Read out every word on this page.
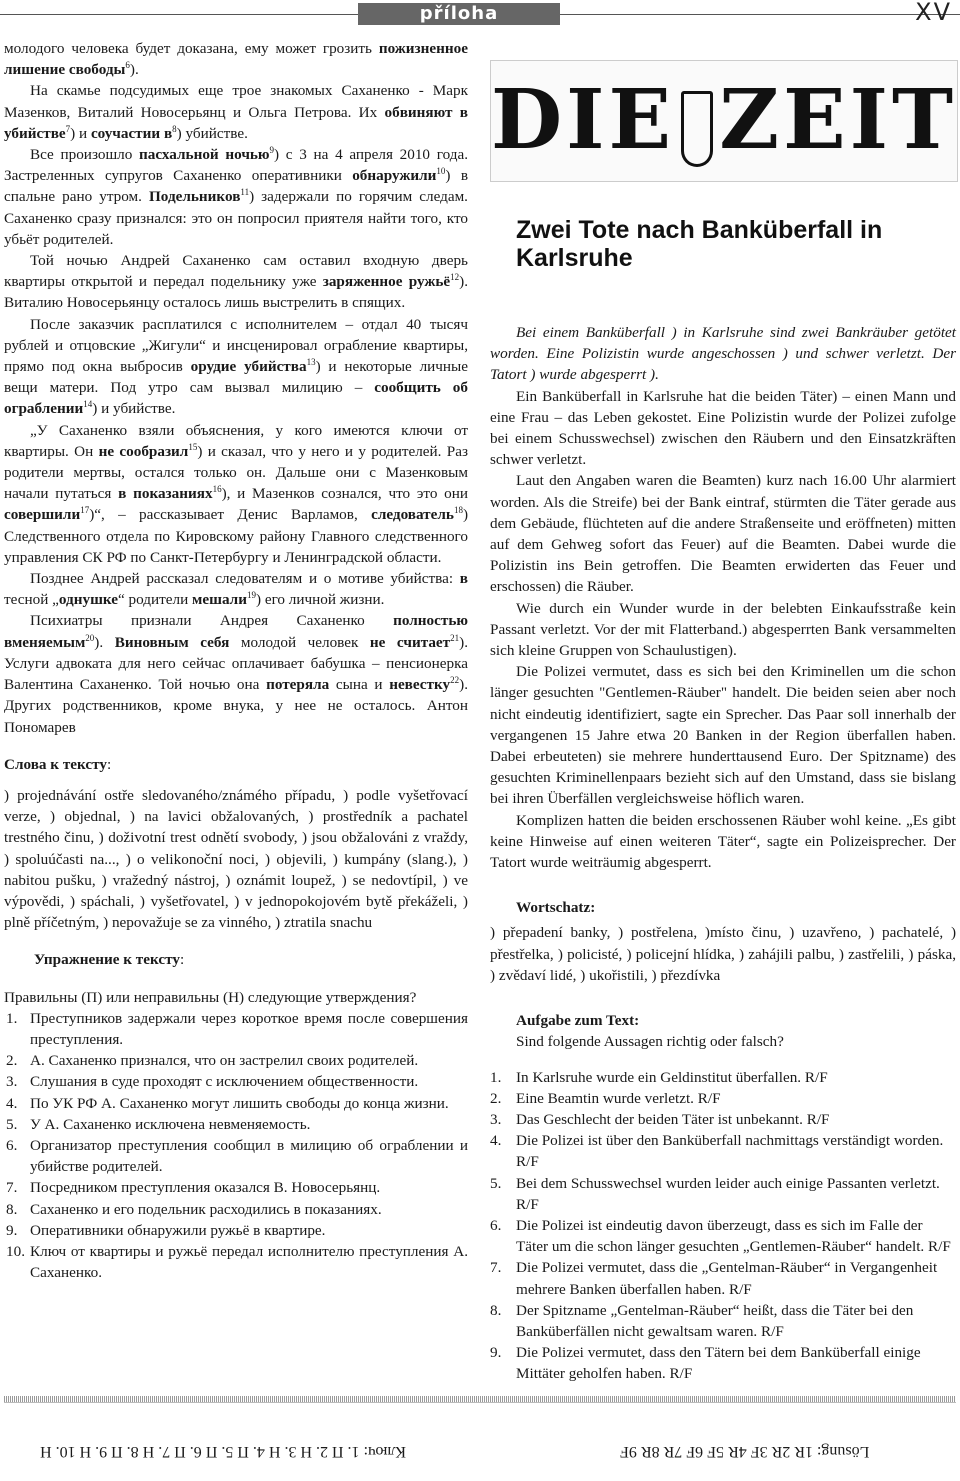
příloha	XV

молодого человека будет доказана, ему может грозить пожизненное лишение свободы$^6$).

На скамье подсудимых еще трое знакомых Саханенко - Марк Мазенков, Виталий Новосерьянц и Ольга Петрова. Их обвиняют в убийстве$^7$) и соучастии $в^8$) убийстве.

Все произошло пасхальной ночью$^9$) с 3 на 4 апреля 2010 года. Застреленных супругов Саханенко оперативники обнаружили$^{10}$) в спальне рано утром. Подельников$^{11}$) задержали по горячим следам. Саханенко сразу признался: это он попросил приятеля найти того, кто убьёт родителей.

Той ночью Андрей Саханенко сам оставил входную дверь квартиры открытой и передал подельнику уже заряженное ружьё$^{12}$). Виталию Новосерьянцу осталось лишь выстрелить в спящих.

После заказчик расплатился с исполнителем – отдал 40 тысяч рублей и отцовские „Жигули“ и инсценировал ограбление квартиры, прямо под окна выбросив орудие убийства$^{13}$) и некоторые личные вещи матери. Под утро сам вызвал милицию – сообщить об ограблении$^{14}$) и убийстве.

„У Саханенко взяли объяснения, у кого имеются ключи от квартиры. Он не сообразил$^{15}$) и сказал, что у него и у родителей. Раз родители мертвы, остался только он. Дальше они с Мазенковым начали путаться в показаниях$^{16}$), и Мазенков сознался, что это они совершили$^{17}$)“, – рассказывает Денис Варламов, следователь$^{18}$) Следственного отдела по Кировскому району Главного следственного управления СК РФ по Санкт-Петербургу и Ленинградской области.

Позднее Андрей рассказал следователям и о мотиве убийства: в тесной „однушке“ родители мешали$^{19}$) его личной жизни.

Психиатры признали Андрея Саханенко полностью вменяемым$^{20}$). Виновным себя молодой человек не считает$^{21}$). Услуги адвоката для него сейчас оплачивает бабушка – пенсионерка Валентина Саханенко. Той ночью она потеряла сына и невестку$^{22}$). Других родственников, кроме внука, у нее не осталось. Антон Пономарев

Слова к тексту:
) projednávání ostře sledovaného/známého případu, ) podle vyšetřovací verze, ) objednal, ) na lavici obžalovaných, ) prostředník a pachatel trestného činu, ) doživotní trest odnětí svobody, ) jsou obžalováni z vraždy, ) spoluúčasti na..., ) o velikonoční noci, ) objevili, ) kumpány (slang.), ) nabitou pušku, ) vražedný nástroj, ) oznámit loupež, ) se nedovtípil, ) ve výpovědi, ) spáchali, ) vyšetřovatel, ) v jednopokojovém bytě překáželi, ) plně příčetným, ) nepovažuje se za vinného, ) ztratila snachu
Упражнение к тексту:
Правильны (П) или неправильны (Н) следующие утверждения?
1. Преступников задержали через короткое время после совершения преступления.
2. А. Саханенко признался, что он застрелил своих родителей.
3. Слушания в суде проходят с исключением общественности.
4. По УК РФ А. Саханенко могут лишить свободы до конца жизни.
5. У А. Саханенко исключена невменяемость.
6. Организатор преступления сообщил в милицию об ограблении и убийстве родителей.
7. Посредником преступления оказался В. Новосерьянц.
8. Саханенко и его подельник расходились в показаниях.
9. Оперативники обнаружили ружьё в квартире.
10. Ключ от квартиры и ружьё передал исполнителю преступления А. Саханенко.
DIE ZEIT
Zwei Tote nach Banküberfall in Karlsruhe

Bei einem Banküberfall ) in Karlsruhe sind zwei Bankräuber getötet worden. Eine Polizistin wurde angeschossen ) und schwer verletzt. Der Tatort ) wurde abgesperrt ).

Ein Banküberfall in Karlsruhe hat die beiden Täter) – einen Mann und eine Frau – das Leben gekostet. Eine Polizistin wurde der Polizei zufolge bei einem Schusswechsel) zwischen den Räubern und den Einsatzkräften schwer verletzt.

Laut den Angaben waren die Beamten) kurz nach 16.00 Uhr alarmiert worden. Als die Streife) bei der Bank eintraf, stürmten die Täter gerade aus dem Gebäude, flüchteten auf die andere Straßenseite und eröffneten) mitten auf dem Gehweg sofort das Feuer) auf die Beamten. Dabei wurde die Polizistin ins Bein getroffen. Die Beamten erwiderten das Feuer und erschossen) die Räuber.

Wie durch ein Wunder wurde in der belebten Einkaufsstraße kein Passant verletzt. Vor der mit Flatterband.) abgesperrten Bank versammelten sich kleine Gruppen von Schaulustigen).

Die Polizei vermutet, dass es sich bei den Kriminellen um die schon länger gesuchten "Gentlemen-Räuber" handelt. Die beiden seien aber noch nicht eindeutig identifiziert, sagte ein Sprecher. Das Paar soll innerhalb der vergangenen 15 Jahre etwa 20 Banken in der Region überfallen haben. Dabei erbeuteten) sie mehrere hunderttausend Euro. Der Spitzname) des gesuchten Kriminellenpaars bezieht sich auf den Umstand, dass sie bislang bei ihren Überfällen vergleichsweise höflich waren.

Komplizen hatten die beiden erschossenen Räuber wohl keine. „Es gibt keine Hinweise auf einen weiteren Täter“, sagte ein Polizeisprecher. Der Tatort wurde weiträumig abgesperrt.

Wortschatz:
) přepadení banky, ) postřelena, )místo činu, ) uzavřeno, ) pachatelé, ) přestřelka, ) policisté, ) policejní hlídka, ) zahájili palbu, ) zastřelili, ) páska, ) zvědaví lidé, ) ukořistili, ) přezdívka
Aufgabe zum Text:
Sind folgende Aussagen richtig oder falsch?
1. In Karlsruhe wurde ein Geldinstitut überfallen. R/F
2. Eine Beamtin wurde verletzt. R/F
3. Das Geschlecht der beiden Täter ist unbekannt. R/F
4. Die Polizei ist über den Banküberfall nachmittags verständigt worden. R/F
5. Bei dem Schusswechsel wurden leider auch einige Passanten verletzt. R/F
6. Die Polizei ist eindeutig davon überzeugt, dass es sich im Falle der Täter um die schon länger gesuchten „Gentlemen-Räuber“ handelt. R/F
7. Die Polizei vermutet, dass die „Gentelman-Räuber“ in Vergangenheit mehrere Banken überfallen haben. R/F
8. Der Spitzname „Gentelman-Räuber“ heißt, dass die Täter bei den Banküberfällen nicht gewaltsam waren. R/F
9. Die Polizei vermutet, dass den Tätern bei dem Banküberfall einige Mittäter geholfen haben. R/F
Ключ: 1. П 2. Н 3. Н 4. П 5. П 6. П 7. Н 8. П 9. Н 10. Н	Lösung: 1R 2R 3F 4R 5F 6F 7R 8R 9F
